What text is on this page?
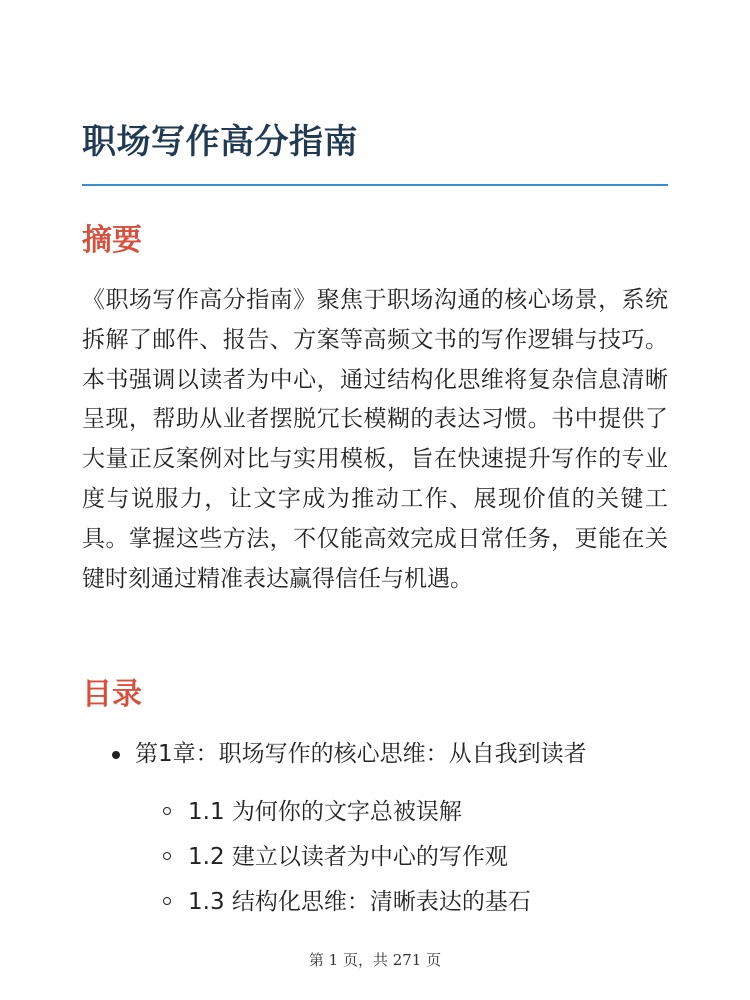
职场写作高分指南
摘要

《职场写作高分指南》聚焦于职场沟通的核心场景，系统拆解了邮件、报告、方案等高频文书的写作逻辑与技巧。本书强调以读者为中心，通过结构化思维将复杂信息清晰呈现，帮助从业者摆脱冗长模糊的表达习惯。书中提供了大量正反案例对比与实用模板，旨在快速提升写作的专业度与说服力，让文字成为推动工作、展现价值的关键工具。掌握这些方法，不仅能高效完成日常任务，更能在关键时刻通过精准表达赢得信任与机遇。

目录
第1章：职场写作的核心思维：从自我到读者
1.1 为何你的文字总被误解
1.2 建立以读者为中心的写作观
1.3 结构化思维：清晰表达的基石
第 1 页，共 271 页
